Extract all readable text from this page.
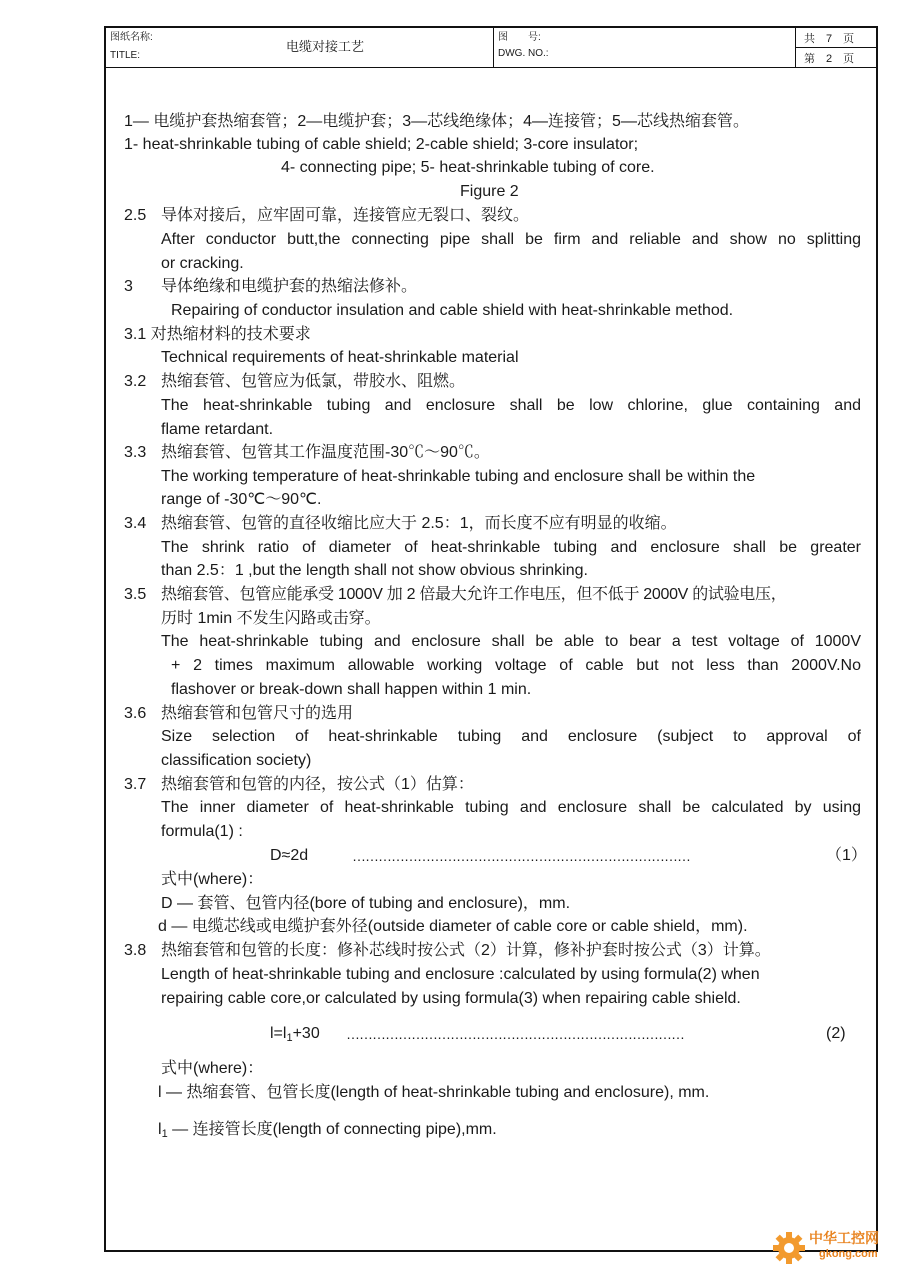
图纸名称:
TITLE:
电缆对接工艺
图　　号:
DWG. NO.:
共　7　页
第　2　页
1— 电缆护套热缩套管；2—电缆护套；3—芯线绝缘体；4—连接管；5—芯线热缩套管。
1- heat-shrinkable tubing of cable shield; 2-cable shield; 3-core insulator;
4- connecting pipe; 5- heat-shrinkable tubing of core.
Figure 2
2.5 导体对接后，应牢固可靠，连接管应无裂口、裂纹。
After conductor butt,the connecting pipe shall be firm and reliable and show no splitting
or cracking.
3 导体绝缘和电缆护套的热缩法修补。
Repairing of conductor insulation and cable shield with heat-shrinkable method.
3.1 对热缩材料的技术要求
Technical requirements of heat-shrinkable material
3.2 热缩套管、包管应为低氯，带胶水、阻燃。
The heat-shrinkable tubing and enclosure shall be low chlorine, glue containing and
flame retardant.
3.3 热缩套管、包管其工作温度范围-30℃～90℃。
The working temperature of heat-shrinkable tubing and enclosure shall be within the
range of -30℃～90℃.
3.4 热缩套管、包管的直径收缩比应大于 2.5：1，而长度不应有明显的收缩。
The shrink ratio of diameter of heat-shrinkable tubing and enclosure shall be greater
than 2.5：1 ,but the length shall not show obvious shrinking.
3.5 热缩套管、包管应能承受 1000V 加 2 倍最大允许工作电压，但不低于 2000V 的试验电压，
历时 1min 不发生闪路或击穿。
The heat-shrinkable tubing and enclosure shall be able to bear a test voltage of 1000V
+ 2 times maximum allowable working voltage of cable but not less than 2000V.No
flashover or break-down shall happen within 1 min.
3.6 热缩套管和包管尺寸的选用
Size selection of heat-shrinkable tubing and enclosure (subject to approval of
classification society)
3.7 热缩套管和包管的内径，按公式（1）估算：
The inner diameter of heat-shrinkable tubing and enclosure shall be calculated by using
formula(1) :
D≈2d	……………………………………………………………………	（1）
式中(where)：
D — 套管、包管内径(bore of tubing and enclosure)，mm.
d — 电缆芯线或电缆护套外径(outside diameter of cable core or cable shield，mm).
3.8 热缩套管和包管的长度：修补芯线时按公式（2）计算，修补护套时按公式（3）计算。
Length of heat-shrinkable tubing and enclosure :calculated by using formula(2) when
repairing cable core,or calculated by using formula(3) when repairing cable shield.
$l=l_1+30$ ……………………………………………………………………	(2)
式中(where)：
l — 热缩套管、包管长度(length of heat-shrinkable tubing and enclosure), mm.
$l_1$ — 连接管长度(length of connecting pipe),mm.
中华工控网
gkong.com
